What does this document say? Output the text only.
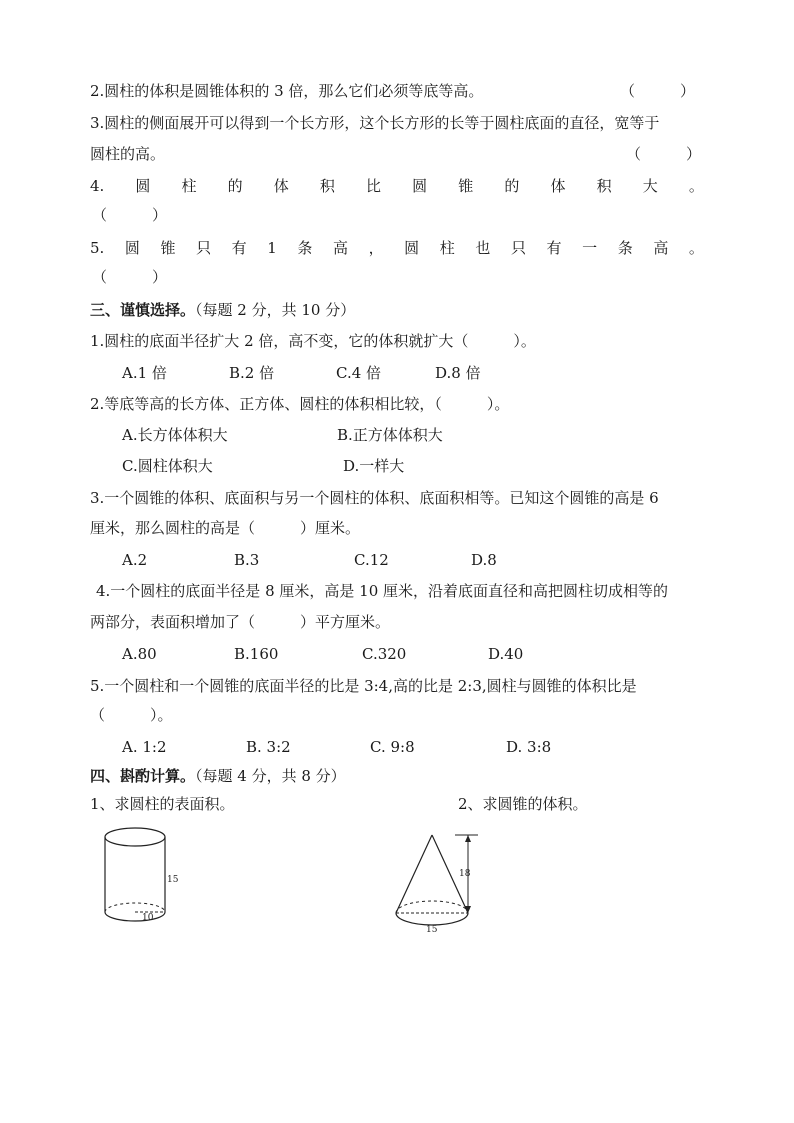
2.圆柱的体积是圆锥体积的 3 倍，那么它们必须等底等高。	（　　　）
3.圆柱的侧面展开可以得到一个长方形，这个长方形的长等于圆柱底面的直径，宽等于
圆柱的高。	（　　　）
4. 圆 柱 的 体 积 比 圆 锥 的 体 积 大 。
（　　　）
5. 圆 锥 只 有 1 条 高 ， 圆 柱 也 只 有 一 条 高 。
（　　　）
三、谨慎选择。（每题 2 分，共 10 分）
1.圆柱的底面半径扩大 2 倍，高不变，它的体积就扩大（　　　）。
A.1 倍	B.2 倍	C.4 倍	D.8 倍
2.等底等高的长方体、正方体、圆柱的体积相比较，（　　　）。
A.长方体体积大	B.正方体体积大
C.圆柱体积大	D.一样大
3.一个圆锥的体积、底面积与另一个圆柱的体积、底面积相等。已知这个圆锥的高是 6
厘米，那么圆柱的高是（　　　）厘米。
A.2	B.3	C.12	D.8
4.一个圆柱的底面半径是 8 厘米，高是 10 厘米，沿着底面直径和高把圆柱切成相等的
两部分，表面积增加了（　　　）平方厘米。
A.80	B.160	C.320	D.40
5.一个圆柱和一个圆锥的底面半径的比是 3:4,高的比是 2:3,圆柱与圆锥的体积比是
（　　　）。
A. 1:2	B. 3:2	C. 9:8	D. 3:8
四、斟酌计算。（每题 4 分，共 8 分）
1、求圆柱的表面积。	2、求圆锥的体积。
15
10
18
15
